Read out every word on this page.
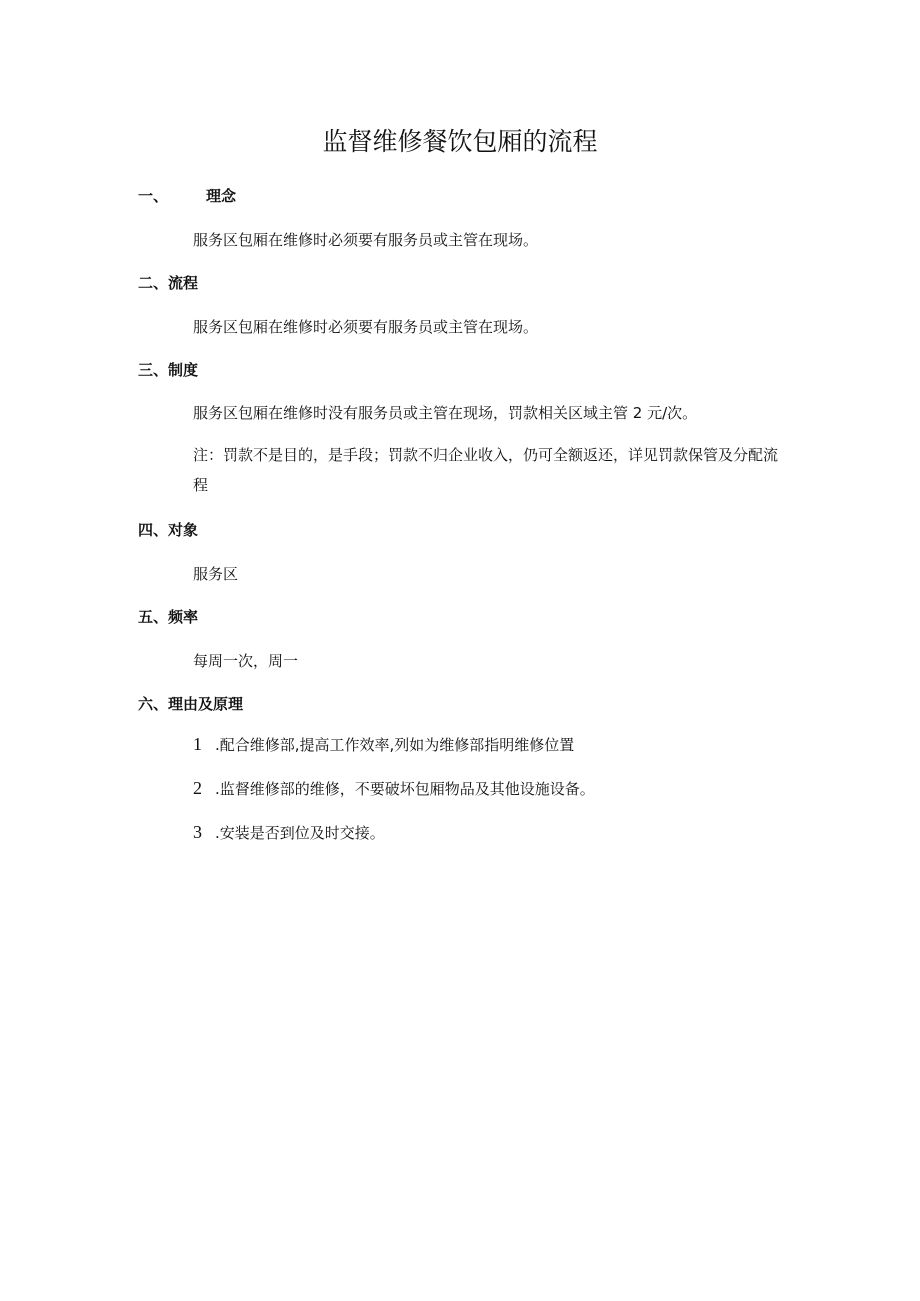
监督维修餐饮包厢的流程
一、	理念

服务区包厢在维修时必须要有服务员或主管在现场。

二、流程

服务区包厢在维修时必须要有服务员或主管在现场。

三、制度

服务区包厢在维修时没有服务员或主管在现场，罚款相关区域主管 2 元/次。

注：罚款不是目的，是手段；罚款不归企业收入，仍可全额返还，详见罚款保管及分配流程

四、对象

服务区

五、频率

每周一次，周一

六、理由及原理
1 .配合维修部,提高工作效率,列如为维修部指明维修位置
2 .监督维修部的维修，不要破坏包厢物品及其他设施设备。
3 .安装是否到位及时交接。
